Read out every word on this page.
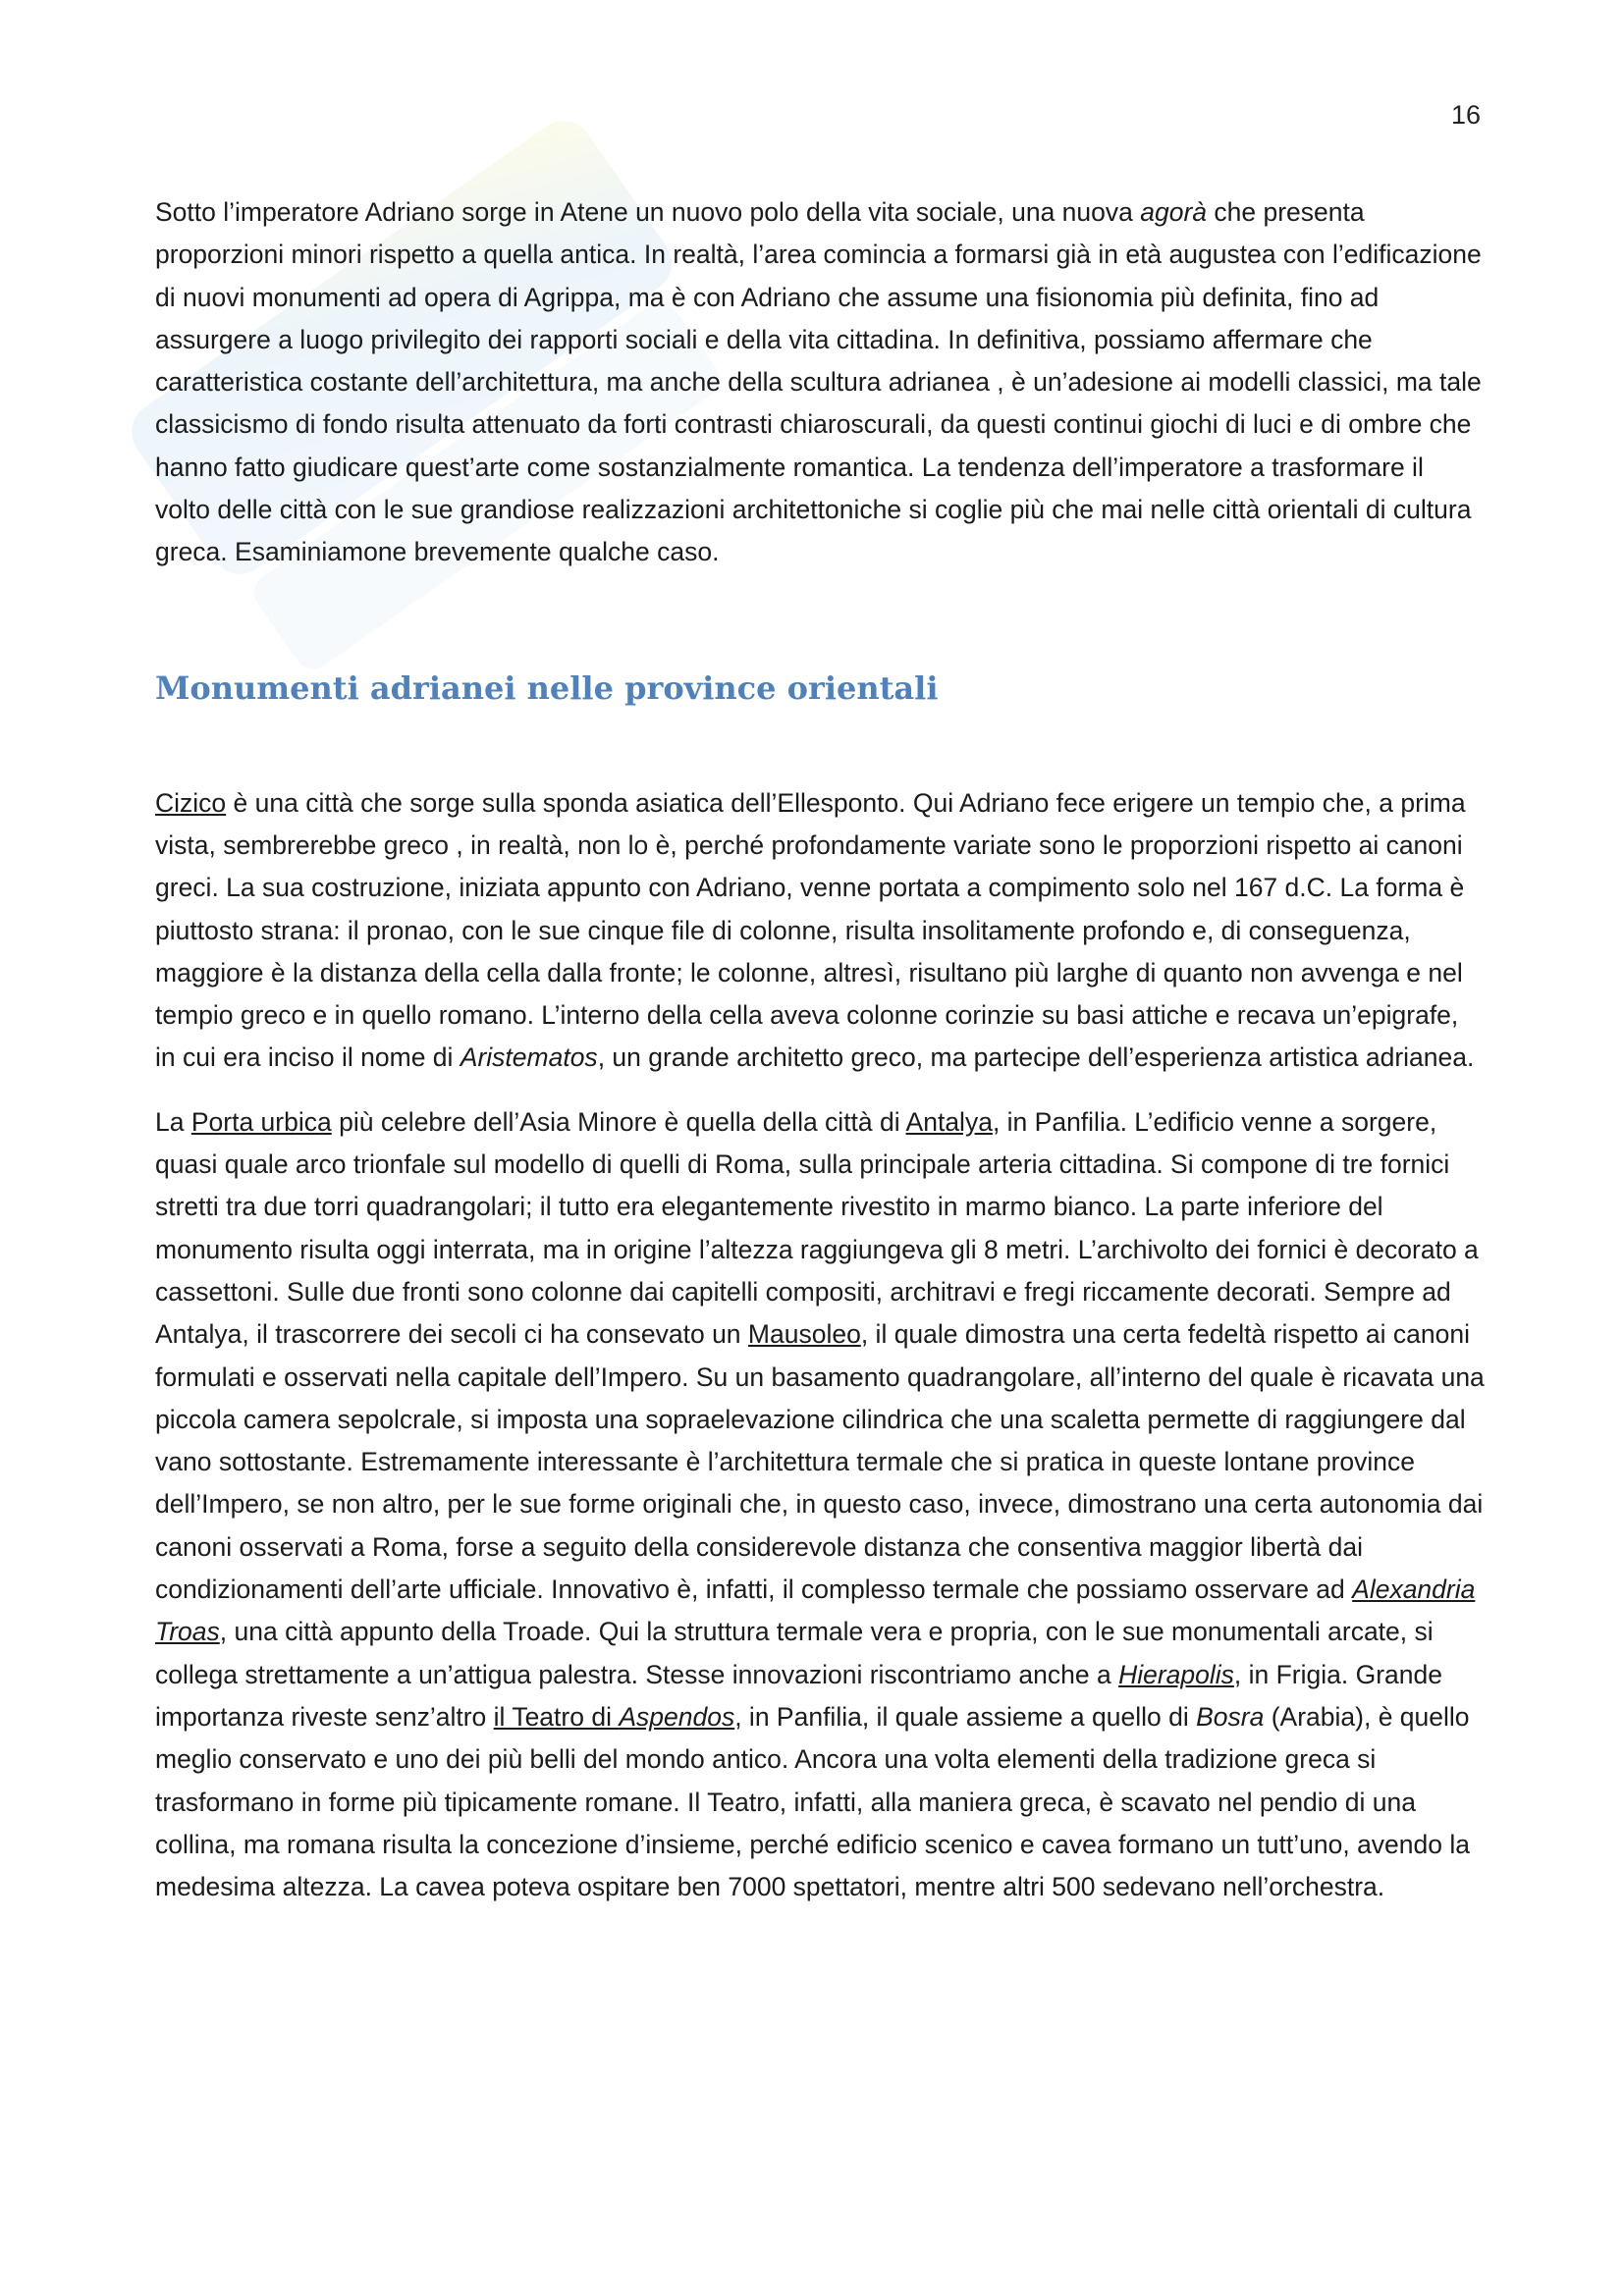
16

Sotto l’imperatore Adriano sorge in Atene un nuovo polo della vita sociale, una nuova agorà che presenta proporzioni minori rispetto a quella antica. In realtà, l’area comincia a formarsi già in età augustea con l’edificazione di nuovi monumenti ad opera di Agrippa, ma è con Adriano che assume una fisionomia più definita, fino ad assurgere a luogo privilegito dei rapporti sociali e della vita cittadina. In definitiva, possiamo affermare che caratteristica costante dell’architettura, ma anche della scultura adrianea , è un’adesione ai modelli classici, ma tale classicismo di fondo risulta attenuato da forti contrasti chiaroscurali, da questi continui giochi di luci e di ombre che hanno fatto giudicare quest’arte come sostanzialmente romantica. La tendenza dell’imperatore a trasformare il volto delle città con le sue grandiose realizzazioni architettoniche si coglie più che mai nelle città orientali di cultura greca. Esaminiamone brevemente qualche caso.

Monumenti adrianei nelle province orientali

Cizico è una città che sorge sulla sponda asiatica dell’Ellesponto. Qui Adriano fece erigere un tempio che, a prima vista, sembrerebbe greco , in realtà, non lo è, perché profondamente variate sono le proporzioni rispetto ai canoni greci. La sua costruzione, iniziata appunto con Adriano, venne portata a compimento solo nel 167 d.C. La forma è piuttosto strana: il pronao, con le sue cinque file di colonne, risulta insolitamente profondo e, di conseguenza, maggiore è la distanza della cella dalla fronte; le colonne, altresì, risultano più larghe di quanto non avvenga e nel tempio greco e in quello romano. L’interno della cella aveva colonne corinzie su basi attiche e recava un’epigrafe, in cui era inciso il nome di Aristematos, un grande architetto greco, ma partecipe dell’esperienza artistica adrianea.

La Porta urbica più celebre dell’Asia Minore è quella della città di Antalya, in Panfilia. L’edificio venne a sorgere, quasi quale arco trionfale sul modello di quelli di Roma, sulla principale arteria cittadina. Si compone di tre fornici stretti tra due torri quadrangolari; il tutto era elegantemente rivestito in marmo bianco. La parte inferiore del monumento risulta oggi interrata, ma in origine l’altezza raggiungeva gli 8 metri. L’archivolto dei fornici è decorato a cassettoni. Sulle due fronti sono colonne dai capitelli compositi, architravi e fregi riccamente decorati. Sempre ad Antalya, il trascorrere dei secoli ci ha consevato un Mausoleo, il quale dimostra una certa fedeltà rispetto ai canoni formulati e osservati nella capitale dell’Impero. Su un basamento quadrangolare, all’interno del quale è ricavata una piccola camera sepolcrale, si imposta una sopraelevazione cilindrica che una scaletta permette di raggiungere dal vano sottostante. Estremamente interessante è l’architettura termale che si pratica in queste lontane province dell’Impero, se non altro, per le sue forme originali che, in questo caso, invece, dimostrano una certa autonomia dai canoni osservati a Roma, forse a seguito della considerevole distanza che consentiva maggior libertà dai condizionamenti dell’arte ufficiale. Innovativo è, infatti, il complesso termale che possiamo osservare ad Alexandria Troas, una città appunto della Troade. Qui la struttura termale vera e propria, con le sue monumentali arcate, si collega strettamente a un’attigua palestra. Stesse innovazioni riscontriamo anche a Hierapolis, in Frigia. Grande importanza riveste senz’altro il Teatro di Aspendos, in Panfilia, il quale assieme a quello di Bosra (Arabia), è quello meglio conservato e uno dei più belli del mondo antico. Ancora una volta elementi della tradizione greca si trasformano in forme più tipicamente romane. Il Teatro, infatti, alla maniera greca, è scavato nel pendio di una collina, ma romana risulta la concezione d’insieme, perché edificio scenico e cavea formano un tutt’uno, avendo la medesima altezza. La cavea poteva ospitare ben 7000 spettatori, mentre altri 500 sedevano nell’orchestra.
